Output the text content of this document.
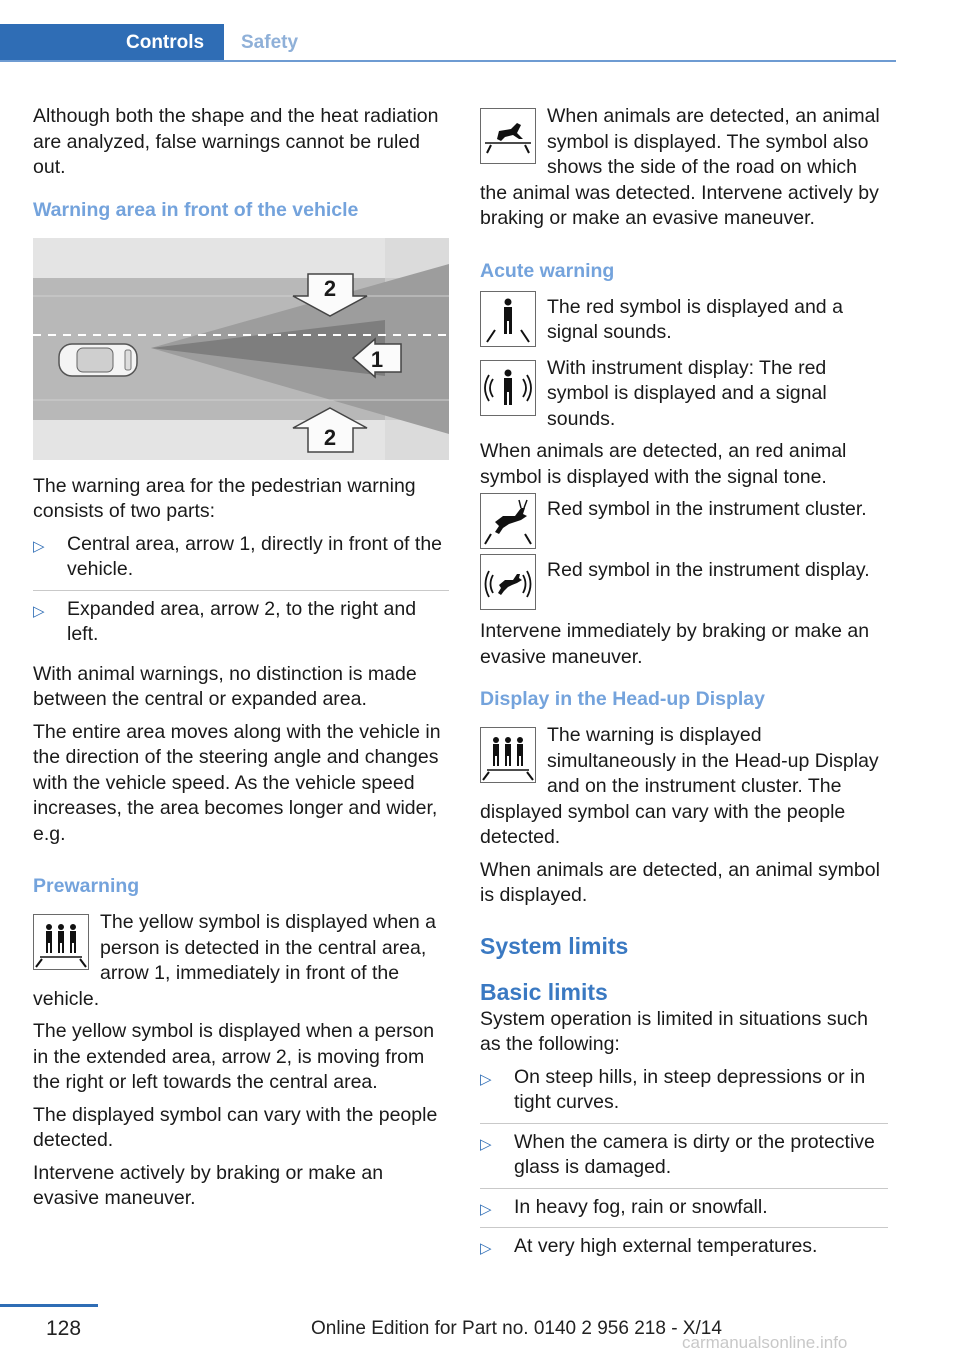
Controls	Safety

Although both the shape and the heat radiation are analyzed, false warnings cannot be ruled out.

Warning area in front of the vehicle
2
1
2

The warning area for the pedestrian warning consists of two parts:

▷ Central area, arrow 1, directly in front of the vehicle.
▷ Expanded area, arrow 2, to the right and left.

With animal warnings, no distinction is made between the central or expanded area.

The entire area moves along with the vehicle in the direction of the steering angle and changes with the vehicle speed. As the vehicle speed increases, the area becomes longer and wider, e.g.

Prewarning
The yellow symbol is displayed when a person is detected in the central area, arrow 1, immediately in front of the vehicle.

The yellow symbol is displayed when a person in the extended area, arrow 2, is moving from the right or left towards the central area.

The displayed symbol can vary with the people detected.

Intervene actively by braking or make an evasive maneuver.

When animals are detected, an animal symbol is displayed. The symbol also shows the side of the road on which the animal was detected. Intervene actively by braking or make an evasive maneuver.
Acute warning
The red symbol is displayed and a signal sounds.
With instrument display: The red symbol is displayed and a signal sounds.

When animals are detected, an red animal symbol is displayed with the signal tone.

Red symbol in the instrument cluster.
Red symbol in the instrument display.

Intervene immediately by braking or make an evasive maneuver.

Display in the Head-up Display
The warning is displayed simultaneously in the Head-up Display and on the instrument cluster. The displayed symbol can vary with the people detected.

When animals are detected, an animal symbol is displayed.

System limits
Basic limits

System operation is limited in situations such as the following:

▷ On steep hills, in steep depressions or in tight curves.
▷ When the camera is dirty or the protective glass is damaged.
▷ In heavy fog, rain or snowfall.
▷ At very high external temperatures.
128	Online Edition for Part no. 0140 2 956 218 - X/14
carmanualsonline.info
